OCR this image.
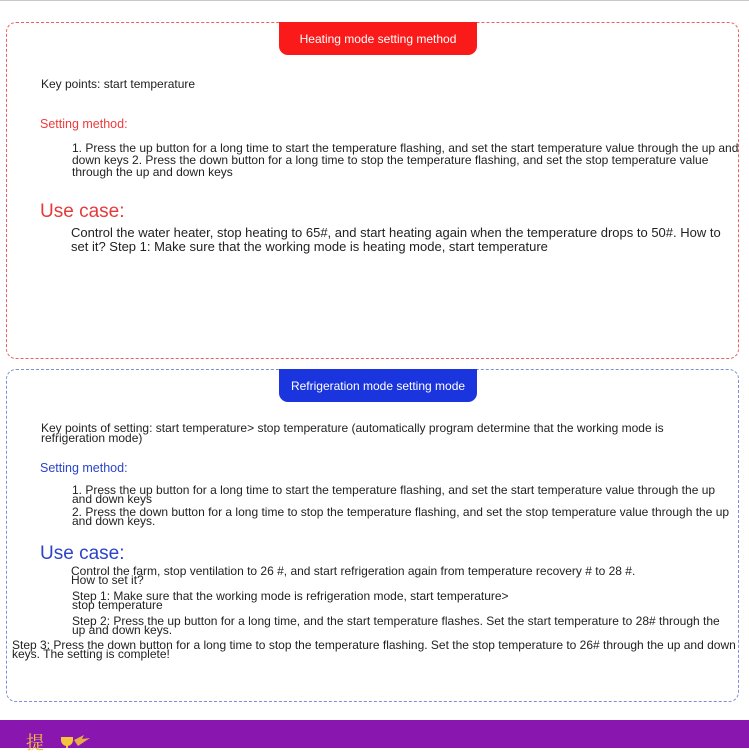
Heating mode setting method
Key points: start temperature
Setting method:
1. Press the up button for a long time to start the temperature flashing, and set the start temperature value through the up and down keys 2. Press the down button for a long time to stop the temperature flashing, and set the stop temperature value through the up and down keys
Use case:
Control the water heater, stop heating to 65#, and start heating again when the temperature drops to 50#. How to set it? Step 1: Make sure that the working mode is heating mode, start temperature
Refrigeration mode setting mode
Key points of setting: start temperature> stop temperature (automatically program determine that the working mode is refrigeration mode)
Setting method:
1. Press the up button for a long time to start the temperature flashing, and set the start temperature value through the up and down keys
2. Press the down button for a long time to stop the temperature flashing, and set the stop temperature value through the up and down keys.
Use case:
Control the farm, stop ventilation to 26 #, and start refrigeration again from temperature recovery # to 28 #. How to set it?
Step 1: Make sure that the working mode is refrigeration mode, start temperature> stop temperature
Step 2: Press the up button for a long time, and the start temperature flashes. Set the start temperature to 28# through the up and down keys.
Step 3: Press the down button for a long time to stop the temperature flashing. Set the stop temperature to 26# through the up and down keys. The setting is complete!
提
